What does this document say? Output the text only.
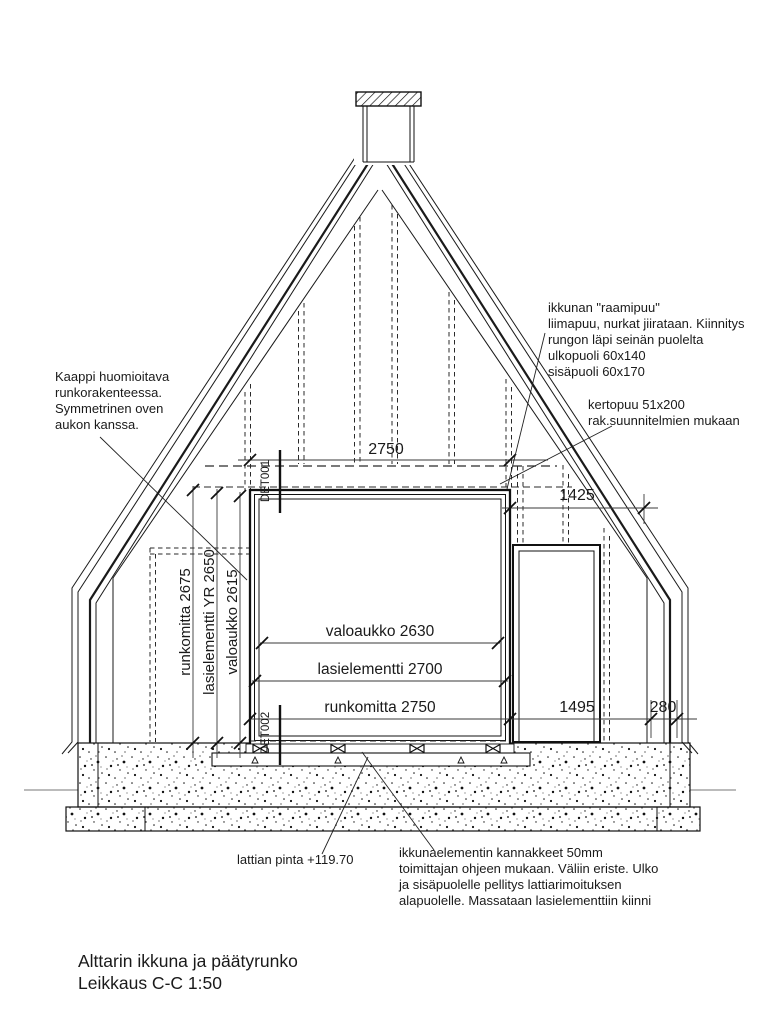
Kaappi huomioitava
runkorakenteessa.
Symmetrinen oven
aukon kanssa.
ikkunan "raamipuu"
liimapuu, nurkat jiirataan. Kiinnitys
rungon läpi seinän puolelta
ulkopuoli 60x140
sisäpuoli 60x170
kertopuu 51x200
rak.suunnitelmien mukaan
lattian pinta +119.70	ikkunaelementin kannakkeet 50mm
toimittajan ohjeen mukaan. Väliin eriste. Ulko
ja sisäpuolelle pellitys lattiarimoituksen
alapuolelle. Massataan lasielementtiin kiinni
2750
1425
valoaukko 2630
lasielementti 2700
runkomitta 2750	1495	280
runkomitta 2675 lasielementti YR 2650 valoaukko 2615
DET001
DET002
Alttarin ikkuna ja päätyrunko
Leikkaus C-C 1:50
